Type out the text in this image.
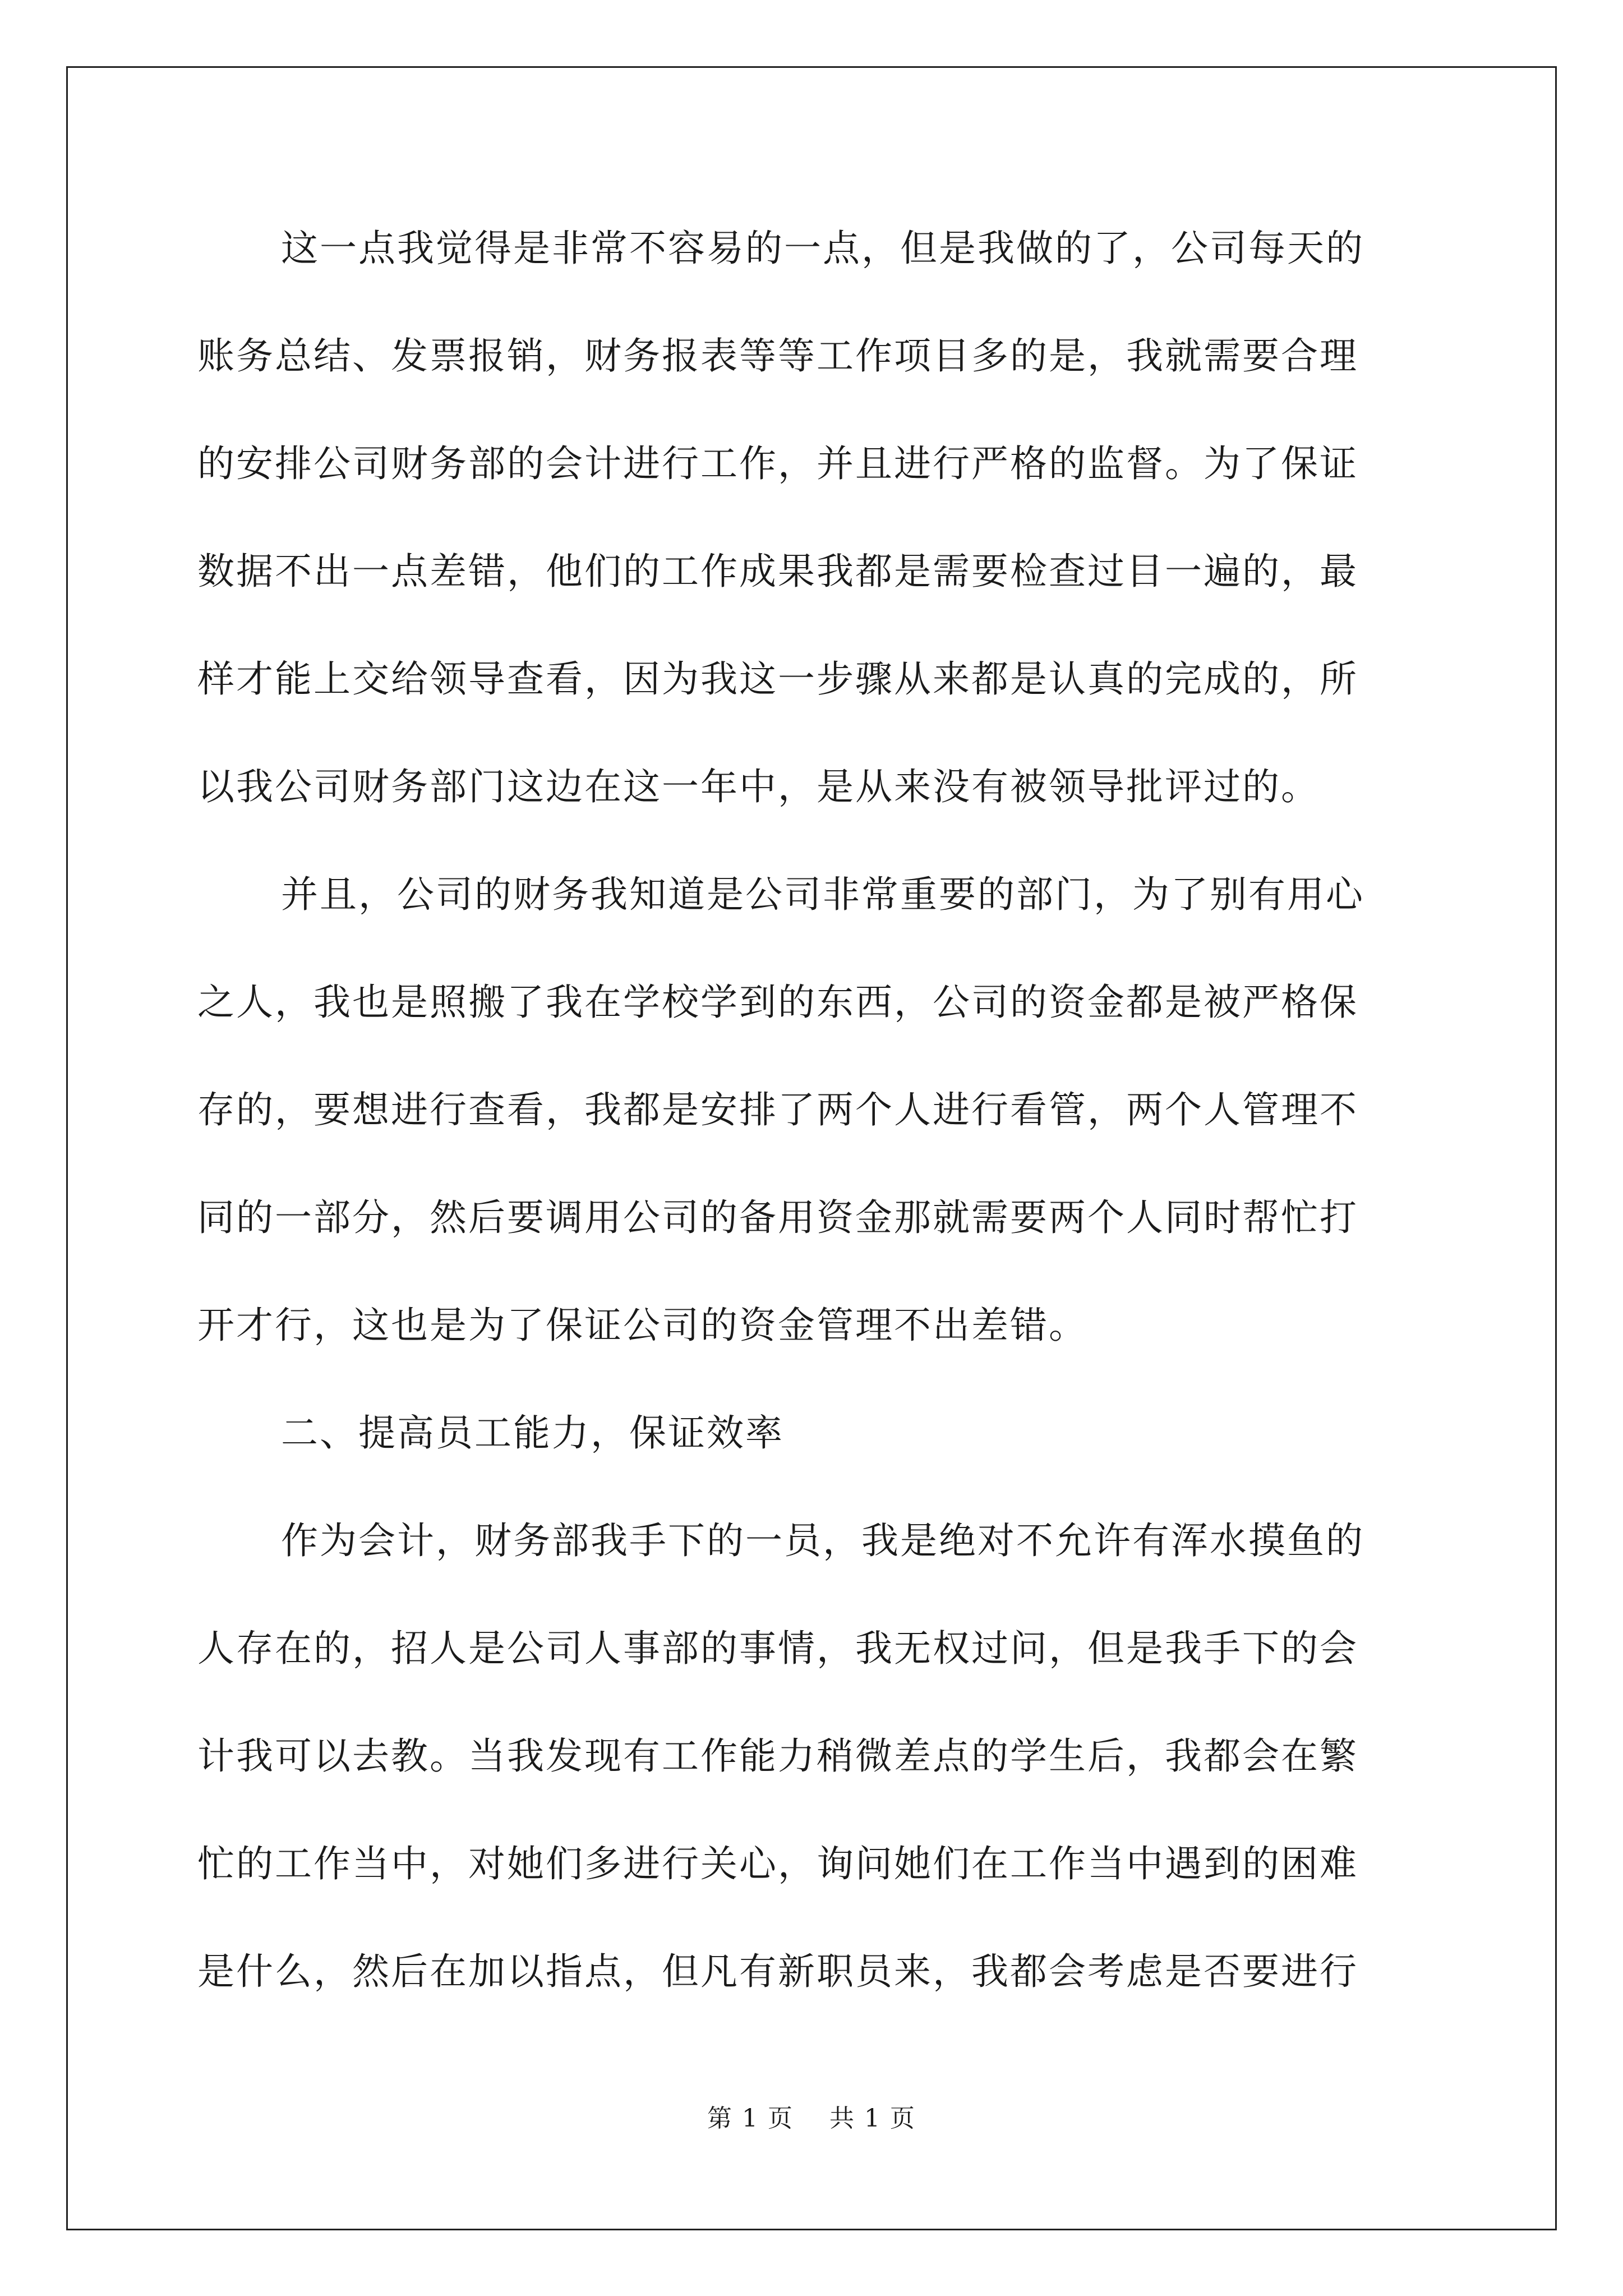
这一点我觉得是非常不容易的一点，但是我做的了，公司每天的
账务总结、发票报销，财务报表等等工作项目多的是，我就需要合理
的安排公司财务部的会计进行工作，并且进行严格的监督。为了保证
数据不出一点差错，他们的工作成果我都是需要检查过目一遍的，最
样才能上交给领导查看，因为我这一步骤从来都是认真的完成的，所
以我公司财务部门这边在这一年中，是从来没有被领导批评过的。
并且，公司的财务我知道是公司非常重要的部门，为了别有用心
之人，我也是照搬了我在学校学到的东西，公司的资金都是被严格保
存的，要想进行查看，我都是安排了两个人进行看管，两个人管理不
同的一部分，然后要调用公司的备用资金那就需要两个人同时帮忙打
开才行，这也是为了保证公司的资金管理不出差错。
二、提高员工能力，保证效率
作为会计，财务部我手下的一员，我是绝对不允许有浑水摸鱼的
人存在的，招人是公司人事部的事情，我无权过问，但是我手下的会
计我可以去教。当我发现有工作能力稍微差点的学生后，我都会在繁
忙的工作当中，对她们多进行关心，询问她们在工作当中遇到的困难
是什么，然后在加以指点，但凡有新职员来，我都会考虑是否要进行
第 1 页    共 1 页
